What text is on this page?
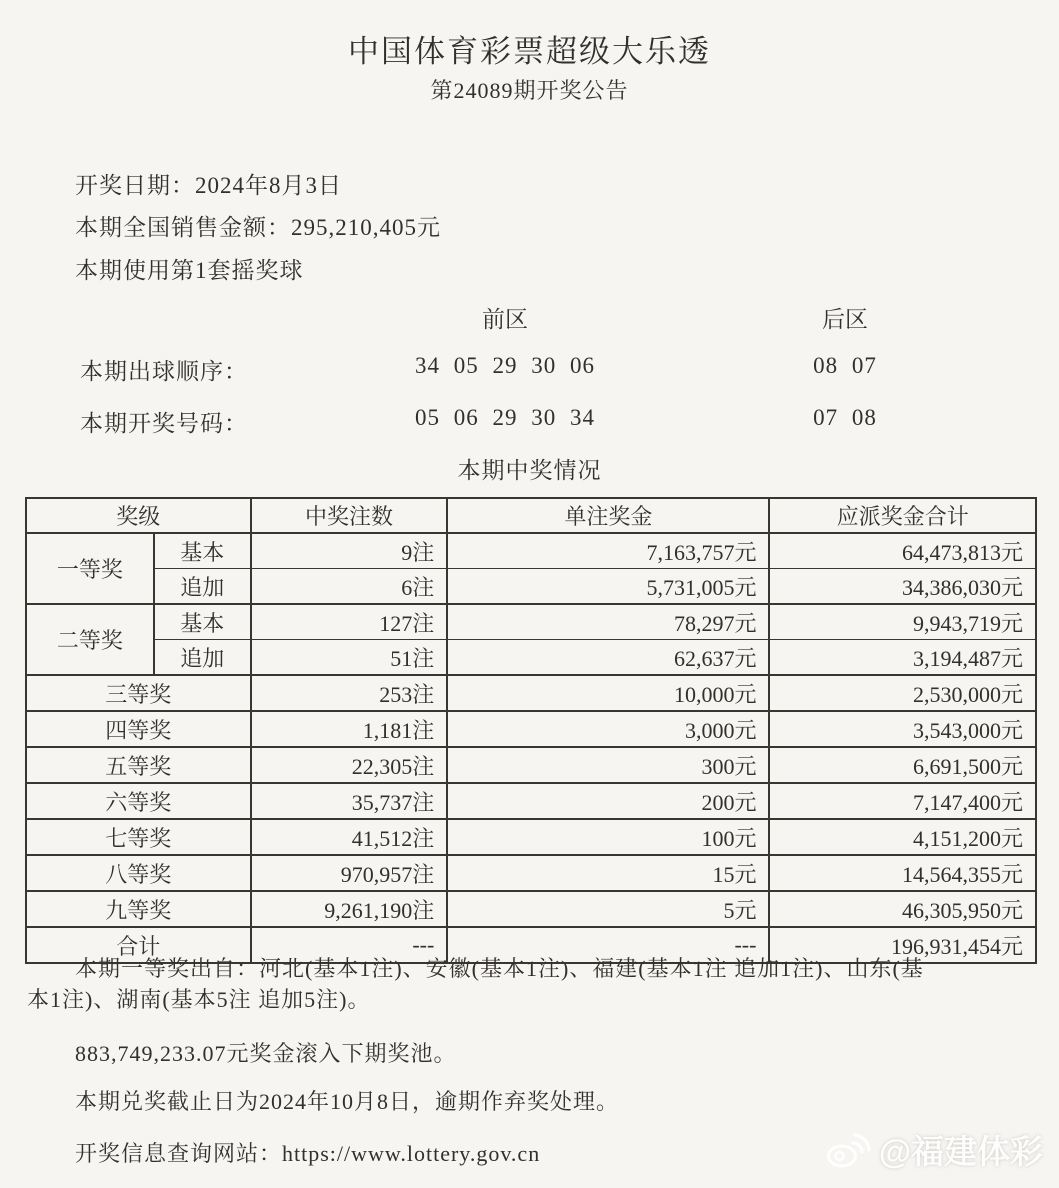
中国体育彩票超级大乐透
第24089期开奖公告
开奖日期：2024年8月3日
本期全国销售金额：295,210,405元
本期使用第1套摇奖球
前区	后区
本期出球顺序：	34 05 29 30 06	08 07
本期开奖号码：	05 06 29 30 34	07 08
本期中奖情况
奖级		中奖注数	单注奖金	应派奖金合计
一等奖	基本	9注	7,163,757元	64,473,813元
	追加	6注	5,731,005元	34,386,030元
二等奖	基本	127注	78,297元	9,943,719元
	追加	51注	62,637元	3,194,487元
三等奖		253注	10,000元	2,530,000元
四等奖		1,181注	3,000元	3,543,000元
五等奖		22,305注	300元	6,691,500元
六等奖		35,737注	200元	7,147,400元
七等奖		41,512注	100元	4,151,200元
八等奖		970,957注	15元	14,564,355元
九等奖		9,261,190注	5元	46,305,950元
合计		---	---	196,931,454元
本期一等奖出自：河北(基本1注)、安徽(基本1注)、福建(基本1注 追加1注)、山东(基
本1注)、湖南(基本5注 追加5注)。
883,749,233.07元奖金滚入下期奖池。
本期兑奖截止日为2024年10月8日，逾期作弃奖处理。
开奖信息查询网站：https://www.lottery.gov.cn	@福建体彩
